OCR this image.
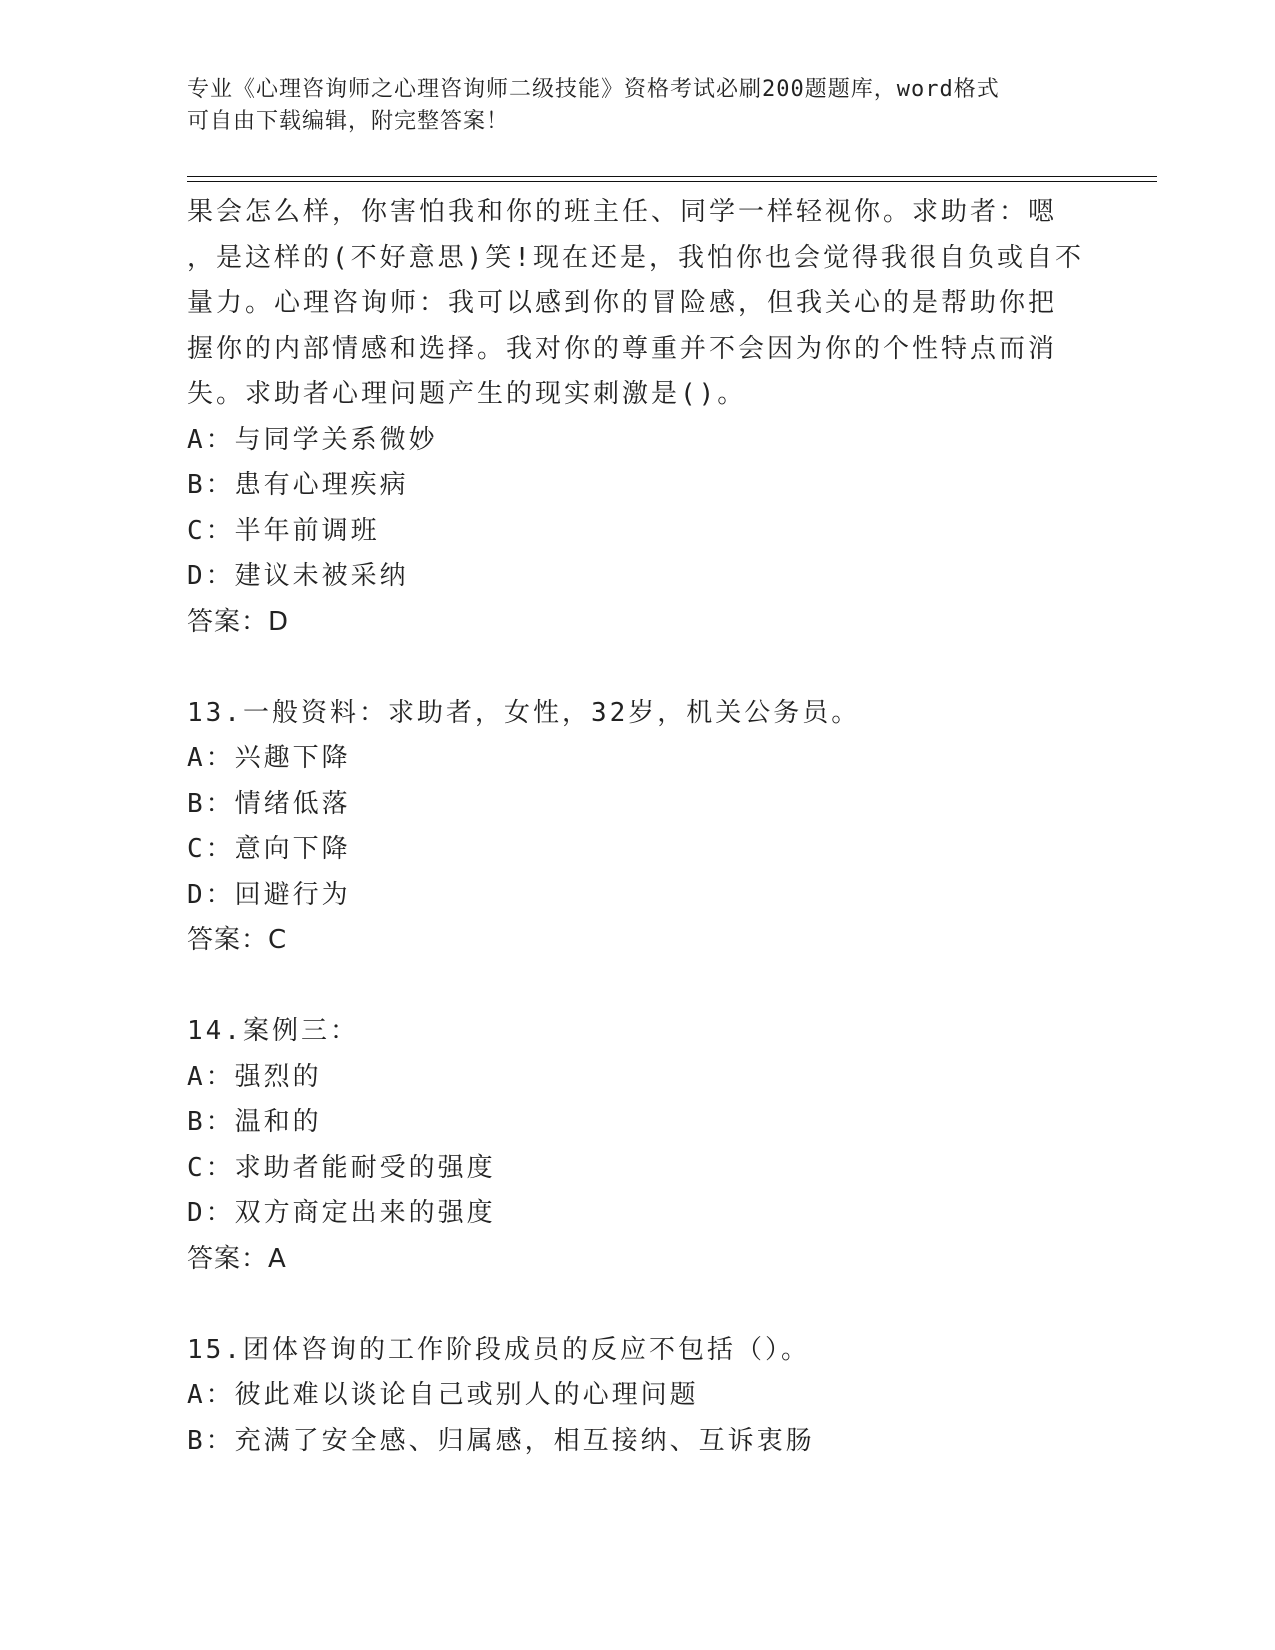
专业《心理咨询师之心理咨询师二级技能》资格考试必刷200题题库，word格式
可自由下载编辑，附完整答案！
果会怎么样，你害怕我和你的班主任、同学一样轻视你。求助者：嗯
，是这样的(不好意思)笑!现在还是，我怕你也会觉得我很自负或自不
量力。心理咨询师：我可以感到你的冒险感，但我关心的是帮助你把
握你的内部情感和选择。我对你的尊重并不会因为你的个性特点而消
失。求助者心理问题产生的现实刺激是()。
A：与同学关系微妙
B：患有心理疾病
C：半年前调班
D：建议未被采纳
答案：D
13.一般资料：求助者，女性，32岁，机关公务员。
A：兴趣下降
B：情绪低落
C：意向下降
D：回避行为
答案：C
14.案例三：
A：强烈的
B：温和的
C：求助者能耐受的强度
D：双方商定出来的强度
答案：A
15.团体咨询的工作阶段成员的反应不包括（）。
A：彼此难以谈论自己或别人的心理问题
B：充满了安全感、归属感，相互接纳、互诉衷肠
